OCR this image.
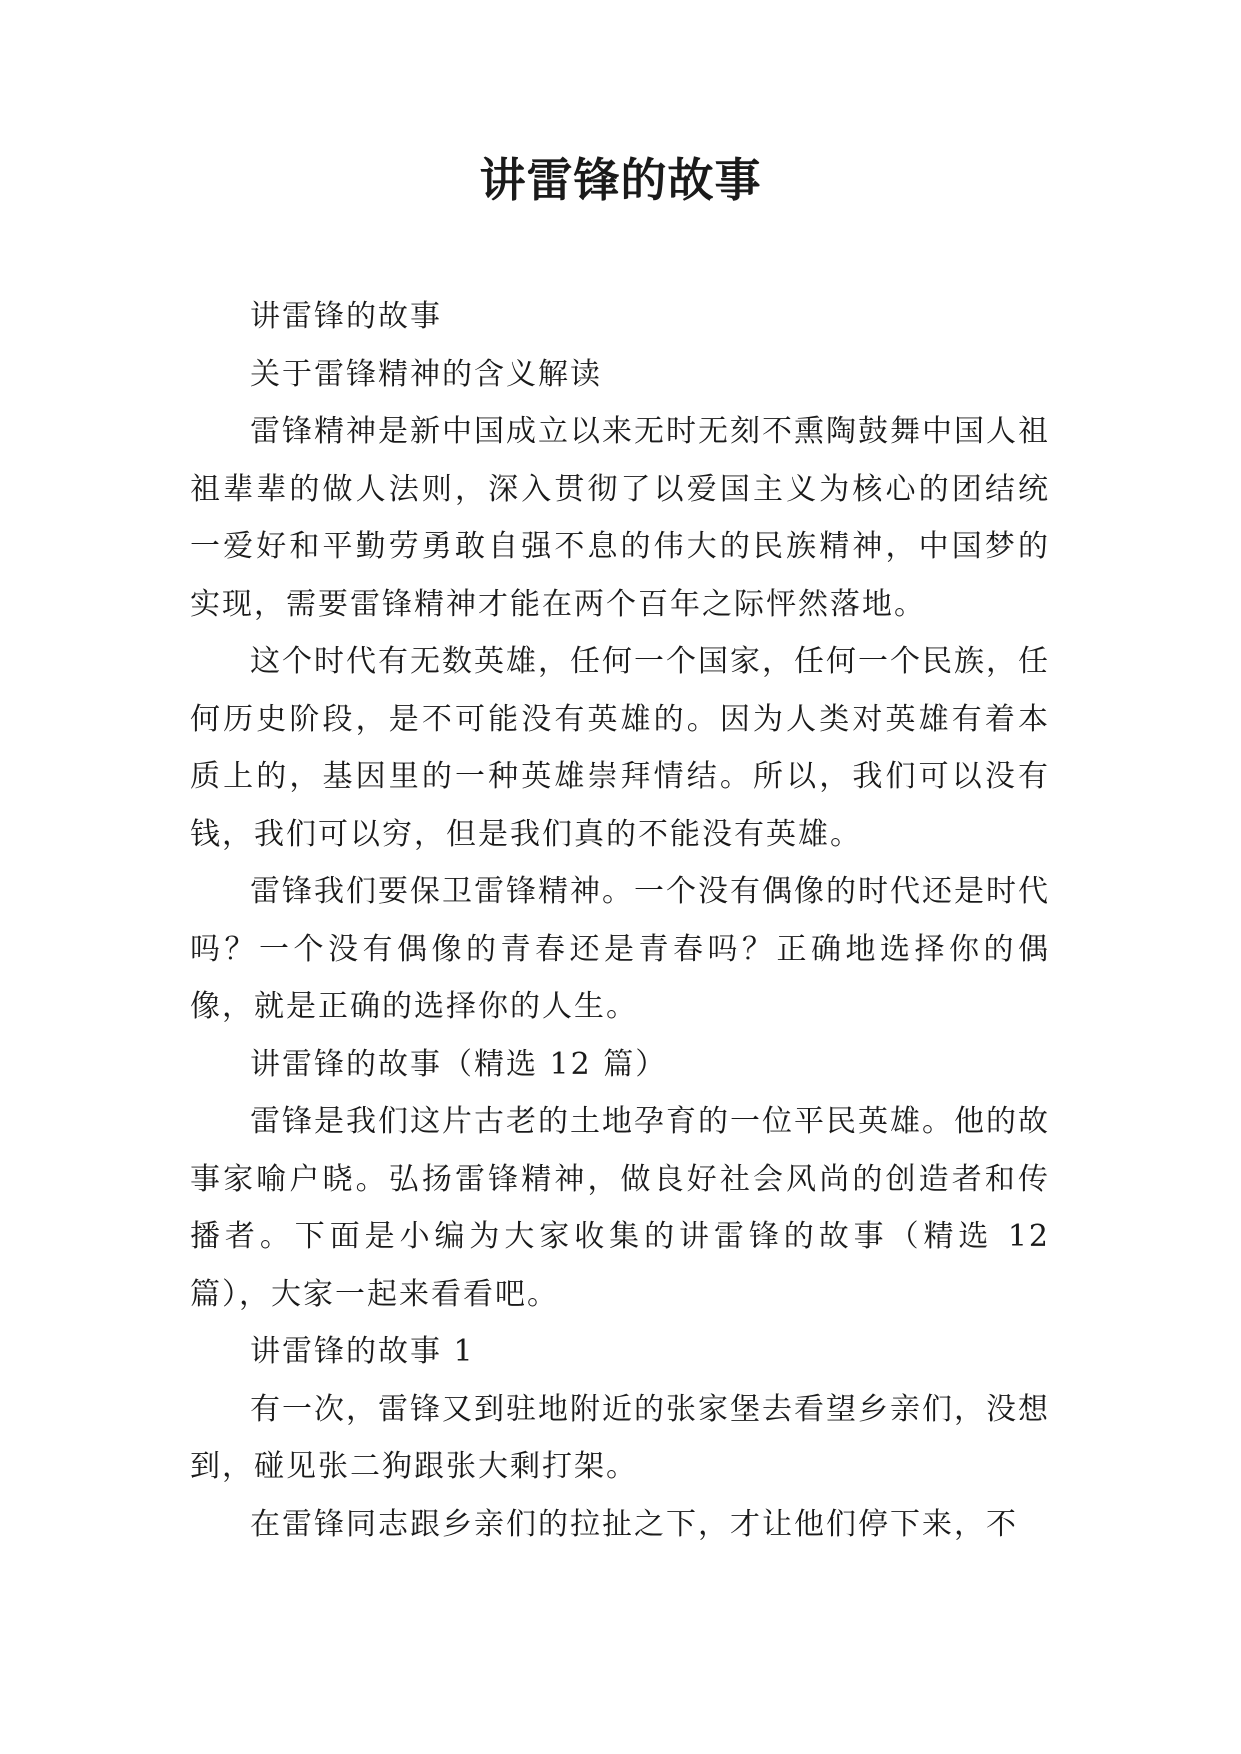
讲雷锋的故事

讲雷锋的故事

关于雷锋精神的含义解读

雷锋精神是新中国成立以来无时无刻不熏陶鼓舞中国人祖祖辈辈的做人法则，深入贯彻了以爱国主义为核心的团结统一爱好和平勤劳勇敢自强不息的伟大的民族精神，中国梦的实现，需要雷锋精神才能在两个百年之际怦然落地。

这个时代有无数英雄，任何一个国家，任何一个民族，任何历史阶段，是不可能没有英雄的。因为人类对英雄有着本质上的，基因里的一种英雄崇拜情结。所以，我们可以没有钱，我们可以穷，但是我们真的不能没有英雄。

雷锋我们要保卫雷锋精神。一个没有偶像的时代还是时代吗？一个没有偶像的青春还是青春吗？正确地选择你的偶像，就是正确的选择你的人生。

讲雷锋的故事（精选 12 篇）

雷锋是我们这片古老的土地孕育的一位平民英雄。他的故事家喻户晓。弘扬雷锋精神，做良好社会风尚的创造者和传播者。下面是小编为大家收集的讲雷锋的故事（精选 12 篇），大家一起来看看吧。

讲雷锋的故事 1

有一次，雷锋又到驻地附近的张家堡去看望乡亲们，没想到，碰见张二狗跟张大剩打架。

在雷锋同志跟乡亲们的拉扯之下，才让他们停下来，不
